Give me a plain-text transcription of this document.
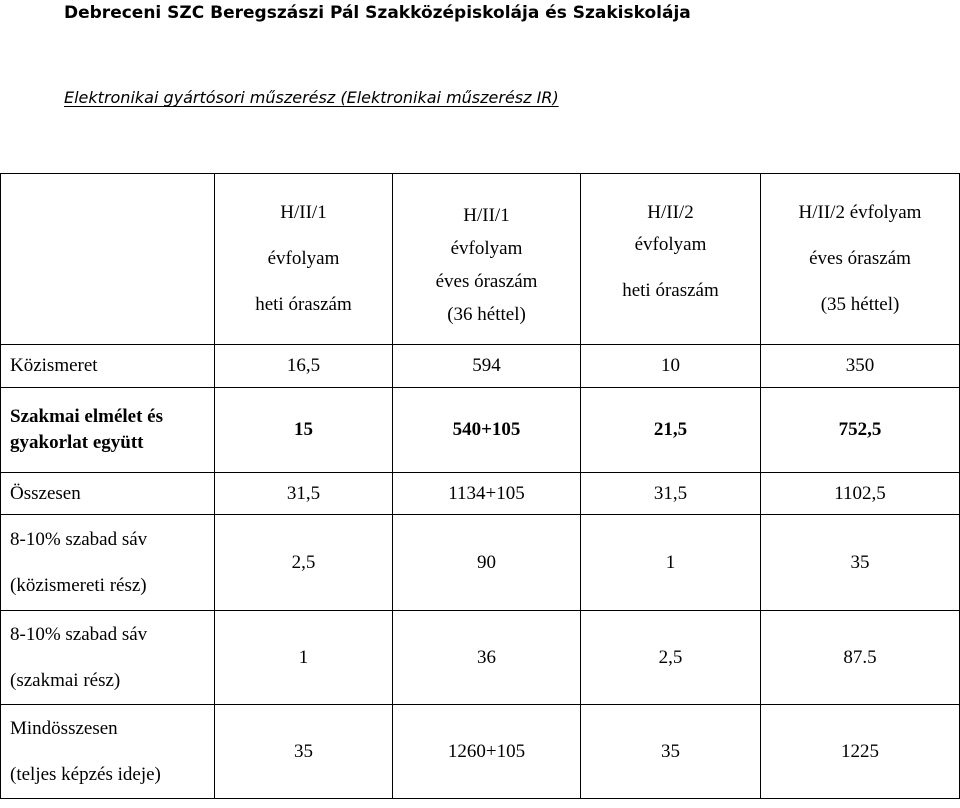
Debreceni SZC Beregszászi Pál Szakközépiskolája és Szakiskolája
Elektronikai gyártósori műszerész (Elektronikai műszerész IR)

	H/II/1
évfolyam
heti óraszám	H/II/1
évfolyam
éves óraszám
(36 héttel)	H/II/2
évfolyam
heti óraszám	H/II/2 évfolyam
éves óraszám
(35 héttel)

Közismeret	16,5	594	10	350

Szakmai elmélet és
gyakorlat együtt	15	540+105	21,5	752,5
Összesen	31,5	1134+105	31,5	1102,5

8-10% szabad sáv
(közismereti rész)	2,5	90	1	35

8-10% szabad sáv
(szakmai rész)	1	36	2,5	87.5

Mindösszesen
(teljes képzés ideje)	35	1260+105	35	1225
